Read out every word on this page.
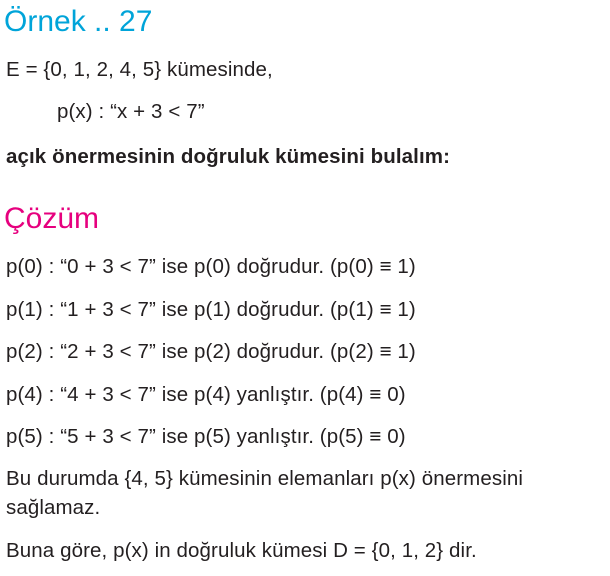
Örnek .. 27
E = {0, 1, 2, 4, 5} kümesinde,
p(x) : “x + 3 < 7”
açık önermesinin doğruluk kümesini bulalım:
Çözüm
p(0) : “0 + 3 < 7” ise p(0) doğrudur. (p(0) ≡ 1)
p(1) : “1 + 3 < 7” ise p(1) doğrudur. (p(1) ≡ 1)
p(2) : “2 + 3 < 7” ise p(2) doğrudur. (p(2) ≡ 1)
p(4) : “4 + 3 < 7” ise p(4) yanlıştır. (p(4) ≡ 0)
p(5) : “5 + 3 < 7” ise p(5) yanlıştır. (p(5) ≡ 0)
Bu durumda {4, 5} kümesinin elemanları p(x) önermesini
sağlamaz.
Buna göre, p(x) in doğruluk kümesi D = {0, 1, 2} dir.
